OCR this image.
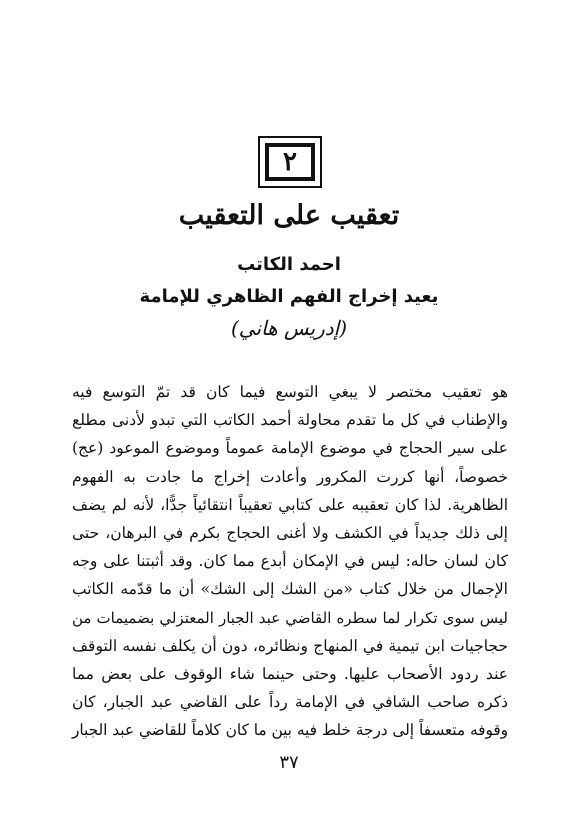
٢
تعقيب على التعقيب
احمد الكاتب
يعيد إخراج الفهم الظاهري للإمامة
(إدريس هاني)
هو تعقيب مختصر لا يبغي التوسع فيما كان قد تمّ التوسع فيه
والإطناب في كل ما تقدم محاولة أحمد الكاتب التي تبدو لأدنى مطلع
على سير الحجاج في موضوع الإمامة عموماً وموضوع الموعود (عج)
خصوصاً، أنها كررت المكرور وأعادت إخراج ما جادت به الفهوم
الظاهرية. لذا كان تعقيبه على كتابي تعقيباً انتقائياً جدًّا، لأنه لم يضف
إلى ذلك جديداً في الكشف ولا أغنى الحجاج بكرم في البرهان، حتى
كان لسان حاله: ليس في الإمكان أبدع مما كان. وقد أثبتنا على وجه
الإجمال من خلال كتاب «من الشك إلى الشك» أن ما قدّمه الكاتب
ليس سوى تكرار لما سطره القاضي عبد الجبار المعتزلي بضميمات من
حجاجيات ابن تيمية في المنهاج ونظائره، دون أن يكلف نفسه التوقف
عند ردود الأصحاب عليها. وحتى حينما شاء الوقوف على بعض مما
ذكره صاحب الشافي في الإمامة رداً على القاضي عبد الجبار، كان
وقوفه متعسفاً إلى درجة خلط فيه بين ما كان كلاماً للقاضي عبد الجبار
٣٧
